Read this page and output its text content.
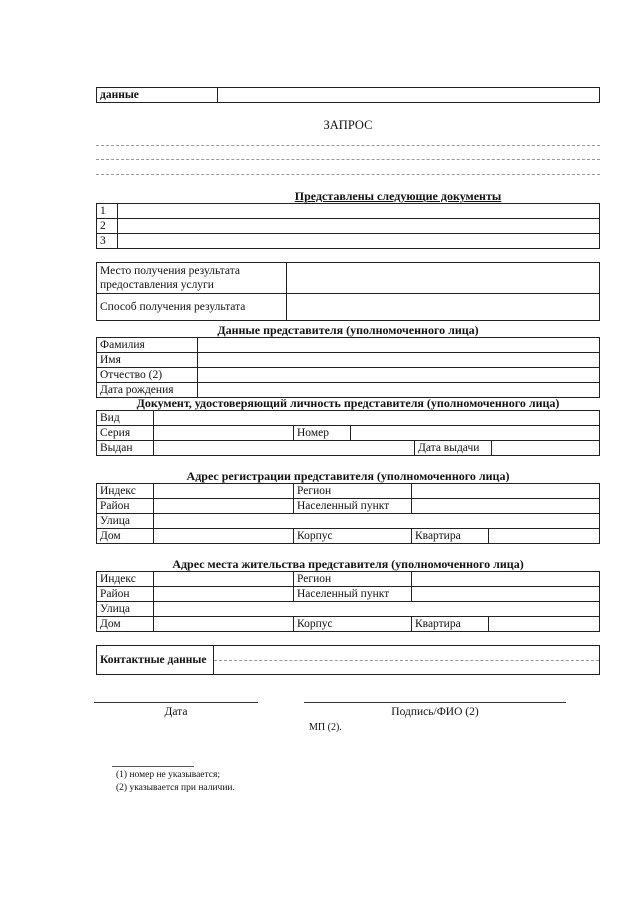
данные	
ЗАПРОС
Представлены следующие документы
1	
2	
3	
Место получения результата предоставления услуги	
Способ получения результата	
Данные представителя (уполномоченного лица)
Фамилия	
Имя	
Отчество (2)	
Дата рождения	
Документ, удостоверяющий личность представителя (уполномоченного лица)
Вид					
Серия		Номер			
Выдан				Дата выдачи	
Адрес регистрации представителя (уполномоченного лица)
Индекс		Регион		
Район		Населенный пункт		
Улица				
Дом		Корпус	Квартира	
Адрес места жительства представителя (уполномоченного лица)
Индекс		Регион		
Район		Населенный пункт		
Улица				
Дом		Корпус	Квартира	
Контактные данные	
Дата	Подпись/ФИО (2)
МП (2).
(1) номер не указывается;
(2) указывается при наличии.
